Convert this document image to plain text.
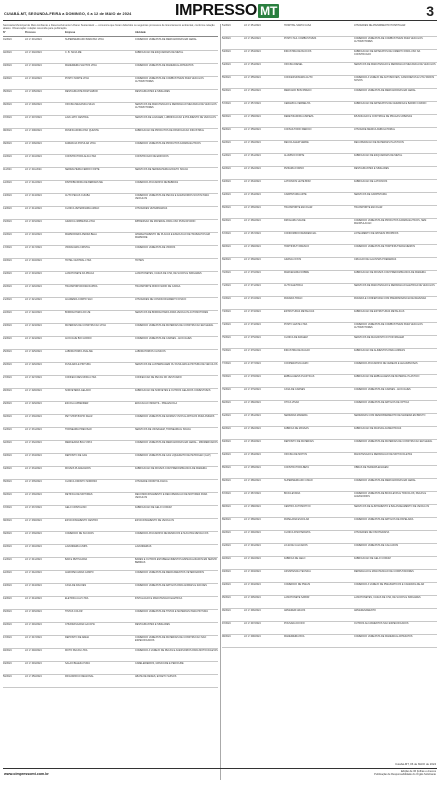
CUIABÁ-MT, SEGUNDA-FEIRA a DOMINGO, 6 a 12 de MAIO de 2024	IMPRESSO MT	3

Secretaria Municipal de Meio Ambiente e Desenvolvimento Urbano Sustentável — comunica que foram deferidos os seguintes processos de licenciamento ambiental, conforme relação abaixo. Observação: relação resumida para publicação.

Nº	Processo	Empresa	Atividade
01/2024	LO nº 001/2024	SUPERMERCADO BARATAO LTDA	COMERCIO VAREJISTA DE MERCADORIAS EM GERAL
02/2024	LO nº 002/2024	C. B. SILVA ME	FABRICACAO DE ESQUADRIAS DE METAL
03/2024	LO nº 003/2024	MADEIREIRA SANTOS LTDA	COMERCIO VAREJISTA DE MADEIRA E ARTEFATOS
04/2024	LO nº 004/2024	POSTO NORTE LTDA	COMERCIO VAREJISTA DE COMBUSTIVEIS PARA VEICULOS AUTOMOTORES
05/2024	LO nº 005/2024	RESTAURANTE BOM SABOR	RESTAURANTES E SIMILARES
06/2024	LO nº 006/2024	OFICINA MECANICA SILVA	SERVICOS DE MANUTENCAO E REPARACAO MECANICA DE VEICULOS AUTOMOTORES
07/2024	LO nº 007/2024	LAVA JATO CENTRAL	SERVICOS DE LAVAGEM, LUBRIFICACAO E POLIMENTO DE VEICULOS
08/2024	LO nº 008/2024	PANIFICADORA PAO QUENTE	FABRICACAO DE PRODUTOS DE PANIFICACAO INDUSTRIAL
09/2024	LO nº 009/2024	FARMACIA POPULAR LTDA	COMERCIO VAREJISTA DE PRODUTOS FARMACEUTICOS
10/2024	LO nº 010/2024	CONSTRUTORA ALFA LTDA	CONSTRUCAO DE EDIFICIOS
11/2024	LO nº 011/2024	SERRALHERIA FERRO FORTE	SERVICOS DE SERRALHERIA EXCETO SOLDA
12/2024	LO nº 012/2024	DISTRIBUIDORA DE BEBIDAS ME	COMERCIO ATACADISTA DE BEBIDAS
13/2024	LO nº 013/2024	AUTO PECAS CUIABA	COMERCIO VAREJISTA DE PECAS E ACESSORIOS NOVOS PARA VEICULOS
14/2024	LO nº 014/2024	CLINICA VETERINARIA AMIGO	ATIVIDADES VETERINARIAS
15/2024	LO nº 015/2024	GRAFICA IMPRESSA LTDA	IMPRESSAO DE MATERIAL PARA USO PUBLICITARIO
16/2024	LO nº 016/2024	MARMORARIA PEDRA BELA	APARELHAMENTO DE PLACAS E EXECUCAO DE TRABALHOS EM MARMORE
17/2024	LO nº 017/2024	VIDRACARIA CRISTAL	COMERCIO VAREJISTA DE VIDROS
18/2024	LO nº 018/2024	HOTEL CENTRAL LTDA	HOTEIS
19/2024	LO nº 019/2024	LANCHONETE DA PRACA	LANCHONETES, CASAS DE CHA, DE SUCOS E SIMILARES
20/2024	LO nº 020/2024	TRANSPORTADORA RAPIDA	TRANSPORTE RODOVIARIO DE CARGA
21/2024	LO nº 021/2024	ACADEMIA CORPO SAO	ATIVIDADES DE CONDICIONAMENTO FISICO
22/2024	LO nº 022/2024	BORRACHARIA DO ZE	SERVICOS DE BORRACHARIA PARA VEICULOS AUTOMOTORES
23/2024	LO nº 023/2024	MATERIAIS DE CONSTRUCAO LTDA	COMERCIO VAREJISTA DE MATERIAIS DE CONSTRUCAO EM GERAL
24/2024	LO nº 024/2024	ACOUGUE BOI GORDO	COMERCIO VAREJISTA DE CARNES - ACOUGUES
25/2024	LO nº 025/2024	LABORATORIO ANALISE	LABORATORIOS CLINICOS
26/2024	LO nº 026/2024	FUNILARIA E PINTURA	SERVICOS DE LANTERNAGEM OU FUNILARIA E PINTURA DE VEICULOS
27/2024	LO nº 027/2024	CONFECCOES MODA LTDA	CONFECCAO DE PECAS DO VESTUARIO
28/2024	LO nº 028/2024	SORVETERIA GELADO	FABRICACAO DE SORVETES E OUTROS GELADOS COMESTIVEIS
29/2024	LO nº 029/2024	ESCOLA APRENDER	EDUCACAO INFANTIL - PRE-ESCOLA
30/2024	LO nº 030/2024	PET SHOP BICHO FELIZ	COMERCIO VAREJISTA DE ANIMAIS VIVOS E ARTIGOS PARA ANIMAIS
31/2024	LO nº 031/2024	TORNEARIA PRECISAO	SERVICOS DE USINAGEM, TORNEARIA E SOLDA
32/2024	LO nº 032/2024	MERCEARIA BOA VISTA	COMERCIO VAREJISTA DE MERCADORIAS EM GERAL - MINIMERCADOS
33/2024	LO nº 033/2024	DEPOSITO DE GAS	COMERCIO VAREJISTA DE GAS LIQUEFEITO DE PETROLEO (GLP)
34/2024	LO nº 034/2024	MOVEIS PLANEJADOS	FABRICACAO DE MOVEIS COM PREDOMINANCIA DE MADEIRA
35/2024	LO nº 035/2024	CLINICA ODONTO SORRISO	ATIVIDADE ODONTOLOGICA
36/2024	LO nº 036/2024	RETIFICA DE MOTORES	RECONDICIONAMENTO E RECUPERACAO DE MOTORES PARA VEICULOS
37/2024	LO nº 037/2024	GELO CRISTALINO	FABRICACAO DE GELO COMUM
38/2024	LO nº 038/2024	ESTACIONAMENTO CENTRO	ESTACIONAMENTO DE VEICULOS
39/2024	LO nº 039/2024	COMERCIO DE SUCATAS	COMERCIO ATACADISTA DE RESIDUOS E SUCATAS METALICOS
40/2024	LO nº 040/2024	LAVANDERIA LIMPA	LAVANDERIAS
41/2024	LO nº 041/2024	BAR E PETISCARIA	BARES E OUTROS ESTABELECIMENTOS ESPECIALIZADOS EM SERVIR BEBIDAS
42/2024	LO nº 042/2024	AGROPECUARIA CAMPO	COMERCIO VAREJISTA DE MEDICAMENTOS VETERINARIOS
43/2024	LO nº 043/2024	CASA DE RACOES	COMERCIO VAREJISTA DE ARTIGOS PARA ANIMAIS E RACOES
44/2024	LO nº 044/2024	ELETRICA LUZ LTDA	INSTALACAO E MANUTENCAO ELETRICA
45/2024	LO nº 045/2024	TINTAS COLOR	COMERCIO VAREJISTA DE TINTAS E MATERIAIS PARA PINTURA
46/2024	LO nº 046/2024	CHURRASCARIA GAUCHA	RESTAURANTES E SIMILARES
47/2024	LO nº 047/2024	DEPOSITO DE AREIA	COMERCIO VAREJISTA DE MATERIAIS DE CONSTRUCAO NAO ESPECIFICADOS
48/2024	LO nº 048/2024	MOTO PECAS LTDA	COMERCIO A VAREJO DE PECAS E ACESSORIOS PARA MOTOCICLETAS
49/2024	LO nº 049/2024	SALAO BELEZA PURA	CABELEIREIROS, MANICURE E PEDICURE
50/2024	LO nº 050/2024	FRIGORIFICO REGIONAL	ABATE DE RESES, EXCETO SUINOS
51/2024	LO nº 051/2024	HOSPITAL SANTA CASA	ATIVIDADES DE ATENDIMENTO HOSPITALAR
52/2024	LO nº 052/2024	POSTO SUL COMBUSTIVEIS	COMERCIO VAREJISTA DE COMBUSTIVEIS PARA VEICULOS AUTOMOTORES
53/2024	LO nº 053/2024	INDUSTRIA DE BLOCOS	FABRICACAO DE ARTEFATOS DE CIMENTO PARA USO NA CONSTRUCAO
54/2024	LO nº 054/2024	OFICINA DIESEL	SERVICOS DE MANUTENCAO E REPARACAO MECANICA DE VEICULOS
55/2024	LO nº 055/2024	CONCESSIONARIA AUTO	COMERCIO A VAREJO DE AUTOMOVEIS, CAMIONETAS E UTILITARIOS NOVOS
56/2024	LO nº 056/2024	MERCADO BOM PRECO	COMERCIO VAREJISTA DE MERCADORIAS EM GERAL
57/2024	LO nº 057/2024	CERAMICA VERMELHA	FABRICACAO DE ARTEFATOS DE CERAMICA E BARRO COZIDO
58/2024	LO nº 058/2024	DEDETIZADORA LIMPEZA	IMUNIZACAO E CONTROLE DE PRAGAS URBANAS
59/2024	LO nº 059/2024	CONSULTORIO MEDICO	ATIVIDADE MEDICA AMBULATORIAL
60/2024	LO nº 060/2024	RECICLAGEM VERDE	RECUPERACAO DE MATERIAIS PLASTICOS
61/2024	LO nº 061/2024	ALUMINIO FORTE	FABRICACAO DE ESQUADRIAS DE METAL
62/2024	LO nº 062/2024	PIZZARIA FORNO	RESTAURANTES E SIMILARES
63/2024	LO nº 063/2024	LATICINIOS LEITE BOM	FABRICACAO DE LATICINIOS
64/2024	LO nº 064/2024	CARPINTARIA ARTE	SERVICOS DE CARPINTARIA
65/2024	LO nº 065/2024	TRANSPORTE ESCOLAR	TRANSPORTE ESCOLAR
66/2024	LO nº 066/2024	DROGARIA SAUDE	COMERCIO VAREJISTA DE PRODUTOS FARMACEUTICOS, SEM MANIPULACAO
67/2024	LO nº 067/2024	CONDOMINIO RESIDENCIAL	LOTEAMENTO DE IMOVEIS PROPRIOS
68/2024	LO nº 068/2024	HORTIFRUTI FRESCO	COMERCIO VAREJISTA DE HORTIFRUTIGRANJEIROS
69/2024	LO nº 069/2024	GRANJA OVOS	CRIACAO DE GALINHAS POEDEIRAS
70/2024	LO nº 070/2024	MARCENARIA NOBRE	FABRICACAO DE MOVEIS COM PREDOMINANCIA DE MADEIRA
71/2024	LO nº 071/2024	AUTO ELETRICA	SERVICOS DE MANUTENCAO E REPARACAO ELETRICA DE VEICULOS
72/2024	LO nº 072/2024	PADARIA TRIGO	PADARIA E CONFEITARIA COM PREDOMINANCIA DE REVENDA
73/2024	LO nº 073/2024	ESTRUTURAS METALICAS	FABRICACAO DE ESTRUTURAS METALICAS
74/2024	LO nº 074/2024	POSTO LESTE LTDA	COMERCIO VAREJISTA DE COMBUSTIVEIS PARA VEICULOS AUTOMOTORES
75/2024	LO nº 075/2024	CLINICA DE IMAGEM	SERVICOS DE DIAGNOSTICO POR IMAGEM
76/2024	LO nº 076/2024	INDUSTRIA DE RACAO	FABRICACAO DE ALIMENTOS PARA ANIMAIS
77/2024	LO nº 077/2024	COOPERATIVA AGRO	COMERCIO ATACADISTA DE CEREAIS E LEGUMINOSAS
78/2024	LO nº 078/2024	EMBALAGENS PLASTICAS	FABRICACAO DE EMBALAGENS DE MATERIAL PLASTICO
79/2024	LO nº 079/2024	CASA DE CARNES	COMERCIO VAREJISTA DE CARNES - ACOUGUES
80/2024	LO nº 080/2024	OTICA VISAO	COMERCIO VAREJISTA DE ARTIGOS DE OPTICA
81/2024	LO nº 081/2024	SERRARIA MADEIRA	SERRARIAS COM DESDOBRAMENTO DE MADEIRA EM BRUTO
82/2024	LO nº 082/2024	FABRICA DE MASSAS	FABRICACAO DE MASSAS ALIMENTICIAS
83/2024	LO nº 083/2024	DEPOSITO DE MATERIAIS	COMERCIO VAREJISTA DE MATERIAIS DE CONSTRUCAO EM GERAL
84/2024	LO nº 084/2024	OFICINA DE MOTOS	MANUTENCAO E REPARACAO DE MOTOCICLETAS
85/2024	LO nº 085/2024	CONSTRUTORA BETA	OBRAS DE TERRAPLENAGEM
86/2024	LO nº 086/2024	SUPERMERCADO UNIAO	COMERCIO VAREJISTA DE MERCADORIAS EM GERAL
87/2024	LO nº 087/2024	BICICLETARIA	COMERCIO VAREJISTA DE BICICLETAS E TRICICLOS; PECAS E ACESSORIOS
88/2024	LO nº 088/2024	CENTRO AUTOMOTIVO	SERVICOS DE ALINHAMENTO E BALANCEAMENTO DE VEICULOS
89/2024	LO nº 089/2024	PAPELARIA ESCOLAR	COMERCIO VAREJISTA DE ARTIGOS DE PAPELARIA
90/2024	LO nº 090/2024	CLINICA FISIOTERAPIA	ATIVIDADES DE FISIOTERAPIA
91/2024	LO nº 091/2024	LOJA DE CALCADOS	COMERCIO VAREJISTA DE CALCADOS
92/2024	LO nº 092/2024	FABRICA DE GELO	FABRICACAO DE GELO COMUM
93/2024	LO nº 093/2024	ASSISTENCIA TECNICA	REPARACAO E MANUTENCAO DE COMPUTADORES
94/2024	LO nº 094/2024	COMERCIO DE PNEUS	COMERCIO A VAREJO DE PNEUMATICOS E CAMARAS-DE-AR
95/2024	LO nº 095/2024	LANCHONETE SABOR	LANCHONETES, CASAS DE CHA, DE SUCOS E SIMILARES
96/2024	LO nº 096/2024	ARMAZEM GRAOS	ARMAZENAMENTO
97/2024	LO nº 097/2024	POUSADA DO RIO	OUTROS ALOJAMENTOS NAO ESPECIFICADOS
98/2024	LO nº 098/2024	MADEIREIRA BOA	COMERCIO VAREJISTA DE MADEIRA E ARTEFATOS
Cuiabá-MT, 06 de MAIO de 2024
www.oimpressomt.com.br
Edição de 06 Folhas e Anexos
Publicação de Responsabilidade do Órgão Solicitante
